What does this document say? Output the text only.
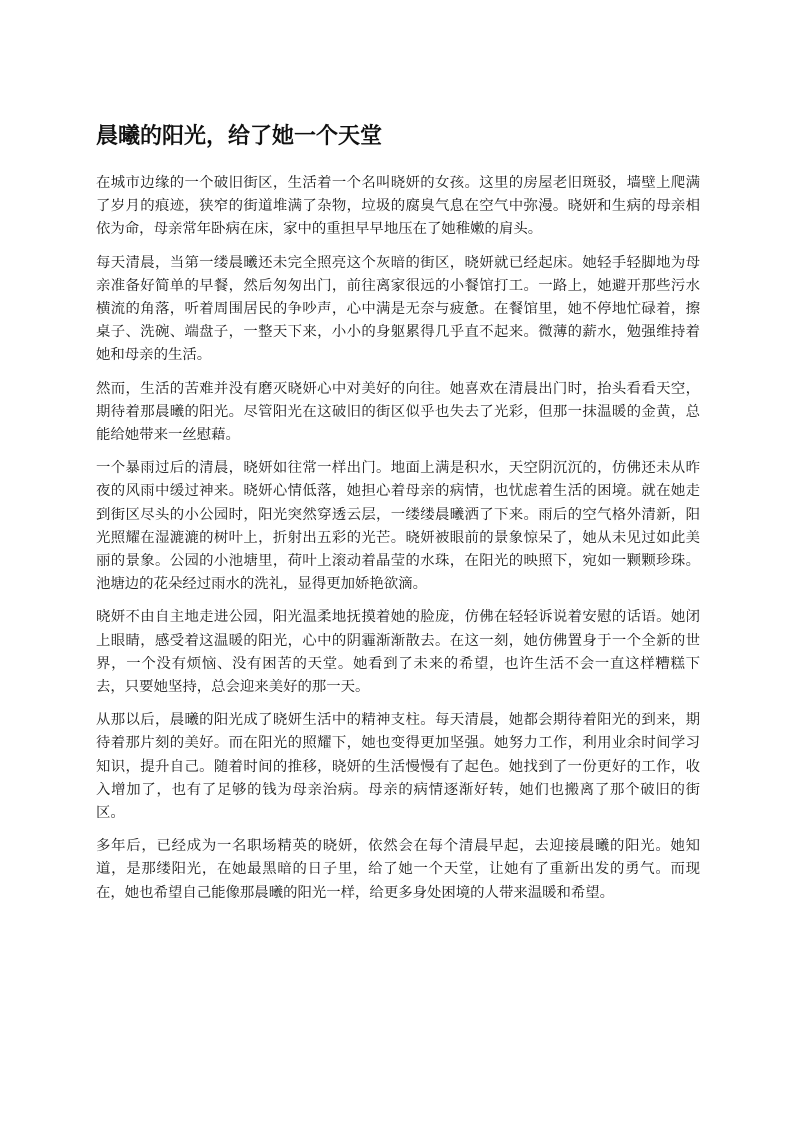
晨曦的阳光，给了她一个天堂

在城市边缘的一个破旧街区，生活着一个名叫晓妍的女孩。这里的房屋老旧斑驳，墙壁上爬满了岁月的痕迹，狭窄的街道堆满了杂物，垃圾的腐臭气息在空气中弥漫。晓妍和生病的母亲相依为命，母亲常年卧病在床，家中的重担早早地压在了她稚嫩的肩头。

每天清晨，当第一缕晨曦还未完全照亮这个灰暗的街区，晓妍就已经起床。她轻手轻脚地为母亲准备好简单的早餐，然后匆匆出门，前往离家很远的小餐馆打工。一路上，她避开那些污水横流的角落，听着周围居民的争吵声，心中满是无奈与疲惫。在餐馆里，她不停地忙碌着，擦桌子、洗碗、端盘子，一整天下来，小小的身躯累得几乎直不起来。微薄的薪水，勉强维持着她和母亲的生活。

然而，生活的苦难并没有磨灭晓妍心中对美好的向往。她喜欢在清晨出门时，抬头看看天空，期待着那晨曦的阳光。尽管阳光在这破旧的街区似乎也失去了光彩，但那一抹温暖的金黄，总能给她带来一丝慰藉。

一个暴雨过后的清晨，晓妍如往常一样出门。地面上满是积水，天空阴沉沉的，仿佛还未从昨夜的风雨中缓过神来。晓妍心情低落，她担心着母亲的病情，也忧虑着生活的困境。就在她走到街区尽头的小公园时，阳光突然穿透云层，一缕缕晨曦洒了下来。雨后的空气格外清新，阳光照耀在湿漉漉的树叶上，折射出五彩的光芒。晓妍被眼前的景象惊呆了，她从未见过如此美丽的景象。公园的小池塘里，荷叶上滚动着晶莹的水珠，在阳光的映照下，宛如一颗颗珍珠。池塘边的花朵经过雨水的洗礼，显得更加娇艳欲滴。

晓妍不由自主地走进公园，阳光温柔地抚摸着她的脸庞，仿佛在轻轻诉说着安慰的话语。她闭上眼睛，感受着这温暖的阳光，心中的阴霾渐渐散去。在这一刻，她仿佛置身于一个全新的世界，一个没有烦恼、没有困苦的天堂。她看到了未来的希望，也许生活不会一直这样糟糕下去，只要她坚持，总会迎来美好的那一天。

从那以后，晨曦的阳光成了晓妍生活中的精神支柱。每天清晨，她都会期待着阳光的到来，期待着那片刻的美好。而在阳光的照耀下，她也变得更加坚强。她努力工作，利用业余时间学习知识，提升自己。随着时间的推移，晓妍的生活慢慢有了起色。她找到了一份更好的工作，收入增加了，也有了足够的钱为母亲治病。母亲的病情逐渐好转，她们也搬离了那个破旧的街区。

多年后，已经成为一名职场精英的晓妍，依然会在每个清晨早起，去迎接晨曦的阳光。她知道，是那缕阳光，在她最黑暗的日子里，给了她一个天堂，让她有了重新出发的勇气。而现在，她也希望自己能像那晨曦的阳光一样，给更多身处困境的人带来温暖和希望。
